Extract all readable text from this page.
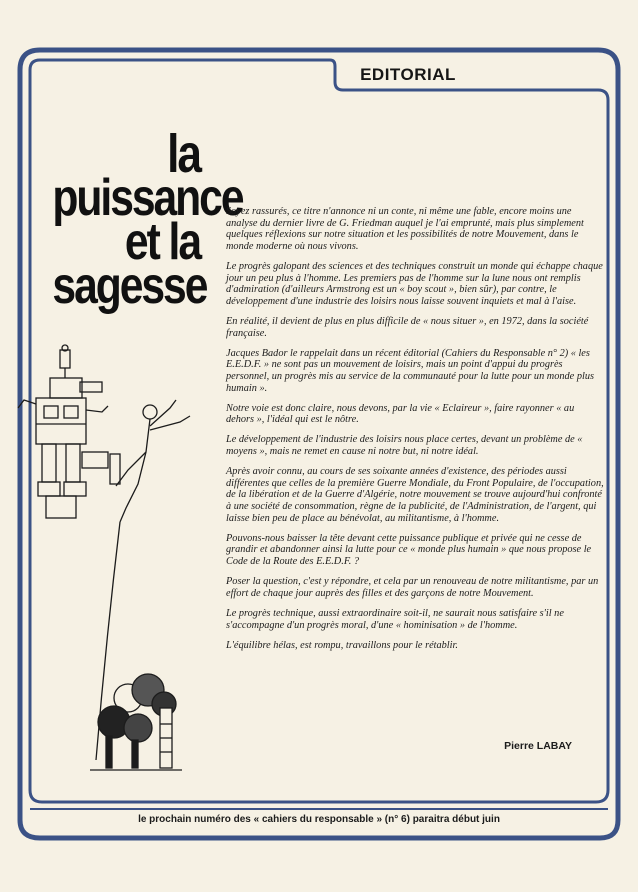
EDITORIAL
la
puissance
et la
sagesse

Soyez rassurés, ce titre n'annonce ni un conte, ni même une fable, encore moins une analyse du dernier livre de G. Friedman auquel je l'ai emprunté, mais plus simplement quelques réflexions sur notre situation et les possibilités de notre Mouvement, dans le monde moderne où nous vivons.

Le progrès galopant des sciences et des techniques construit un monde qui échappe chaque jour un peu plus à l'homme. Les premiers pas de l'homme sur la lune nous ont remplis d'admiration (d'ailleurs Armstrong est un « boy scout », bien sûr), par contre, le développement d'une industrie des loisirs nous laisse souvent inquiets et mal à l'aise.

En réalité, il devient de plus en plus difficile de « nous situer », en 1972, dans la société française.

Jacques Bador le rappelait dans un récent éditorial (Cahiers du Responsable n° 2) « les E.E.D.F. » ne sont pas un mouvement de loisirs, mais un point d'appui du progrès personnel, un progrès mis au service de la communauté pour la lutte pour un monde plus humain ».

Notre voie est donc claire, nous devons, par la vie « Eclaireur », faire rayonner « au dehors », l'idéal qui est le nôtre.

Le développement de l'industrie des loisirs nous place certes, devant un problème de « moyens », mais ne remet en cause ni notre but, ni notre idéal.

Après avoir connu, au cours de ses soixante années d'existence, des périodes aussi différentes que celles de la première Guerre Mondiale, du Front Populaire, de l'occupation, de la libération et de la Guerre d'Algérie, notre mouvement se trouve aujourd'hui confronté à une société de consommation, règne de la publicité, de l'Administration, de l'argent, qui laisse bien peu de place au bénévolat, au militantisme, à l'homme.

Pouvons-nous baisser la tête devant cette puissance publique et privée qui ne cesse de grandir et abandonner ainsi la lutte pour ce « monde plus humain » que nous propose le Code de la Route des E.E.D.F. ?

Poser la question, c'est y répondre, et cela par un renouveau de notre militantisme, par un effort de chaque jour auprès des filles et des garçons de notre Mouvement.

Le progrès technique, aussi extraordinaire soit-il, ne saurait nous satisfaire s'il ne s'accompagne d'un progrès moral, d'une « hominisation » de l'homme.

L'équilibre hélas, est rompu, travaillons pour le rétablir.

Pierre LABAY
le prochain numéro des « cahiers du responsable » (n° 6) paraitra début juin
